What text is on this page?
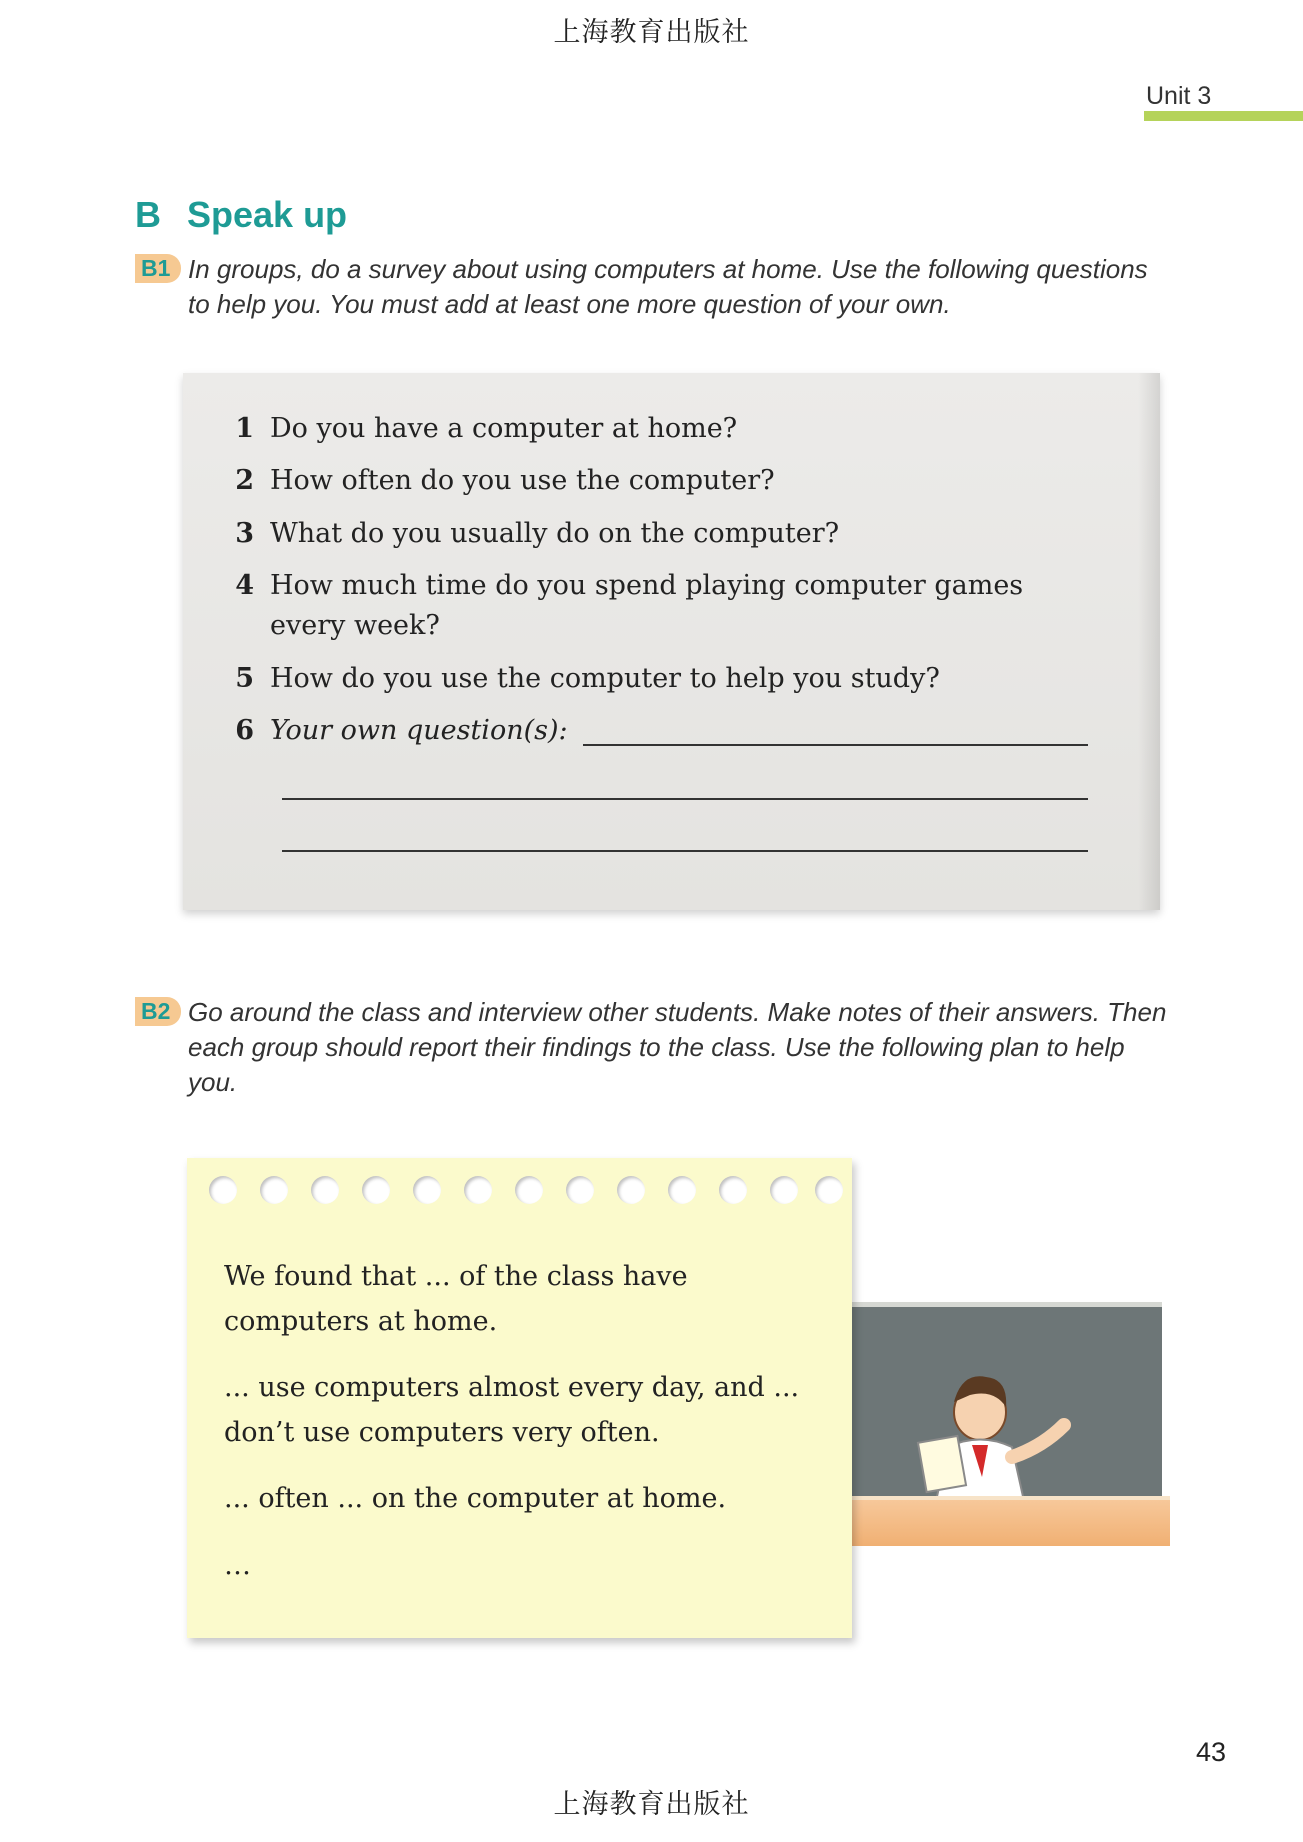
上海教育出版社
Unit 3
B Speak up
B1 In groups, do a survey about using computers at home. Use the following questions to help you. You must add at least one more question of your own.
1 Do you have a computer at home?
2 How often do you use the computer?
3 What do you usually do on the computer?
4 How much time do you spend playing computer games every week?
5 How do you use the computer to help you study?
6 Your own question(s):
B2 Go around the class and interview other students. Make notes of their answers. Then each group should report their findings to the class. Use the following plan to help you.
We found that ... of the class have computers at home.
... use computers almost every day, and ... don’t use computers very often.
... often ... on the computer at home.
…
43
上海教育出版社
